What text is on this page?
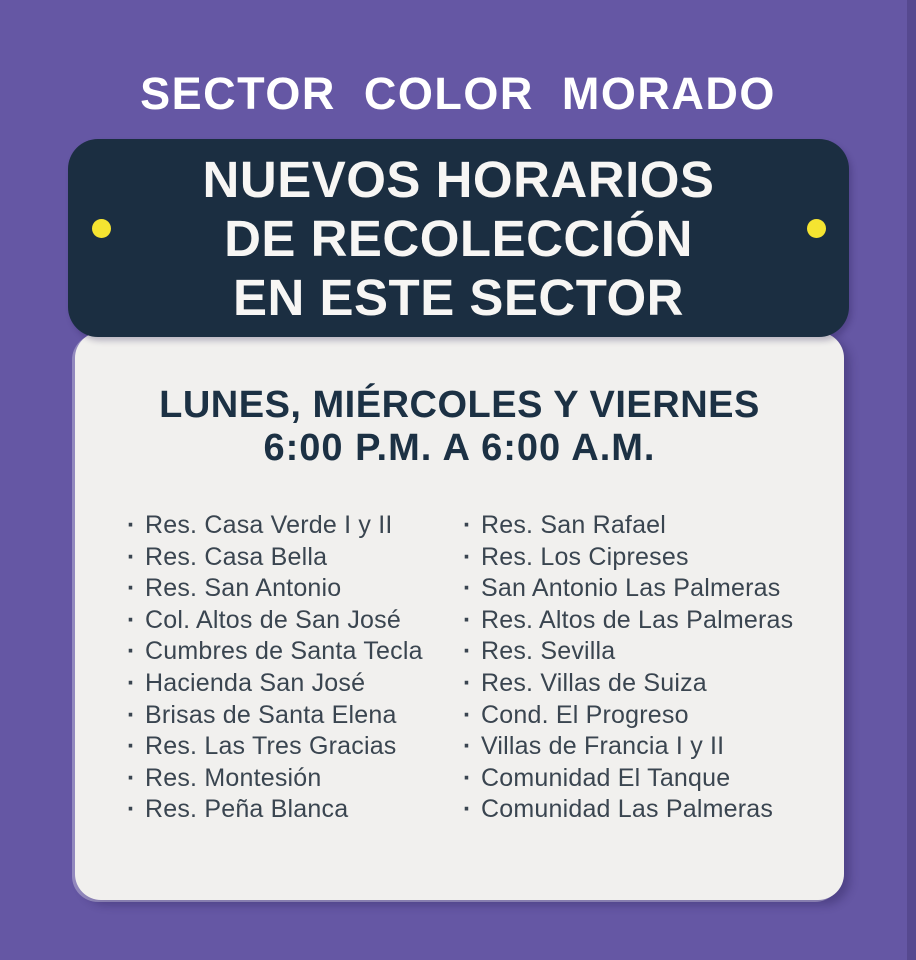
SECTOR COLOR MORADO
NUEVOS HORARIOS
DE RECOLECCIÓN
EN ESTE SECTOR
LUNES, MIÉRCOLES Y VIERNES
6:00 P.M. A 6:00 A.M.
· Res. Casa Verde I y II
· Res. Casa Bella
· Res. San Antonio
· Col. Altos de San José
· Cumbres de Santa Tecla
· Hacienda San José
· Brisas de Santa Elena
· Res. Las Tres Gracias
· Res. Montesión
· Res. Peña Blanca
· Res. San Rafael
· Res. Los Cipreses
· San Antonio Las Palmeras
· Res. Altos de Las Palmeras
· Res. Sevilla
· Res. Villas de Suiza
· Cond. El Progreso
· Villas de Francia I y II
· Comunidad El Tanque
· Comunidad Las Palmeras
